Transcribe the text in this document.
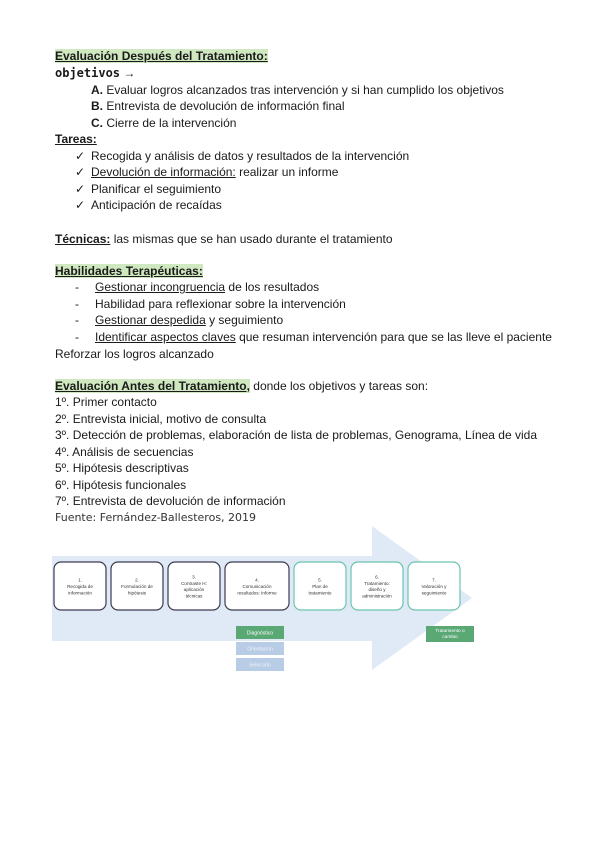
Evaluación Después del Tratamiento:
objetivos →
A. Evaluar logros alcanzados tras intervención y si han cumplido los objetivos
B. Entrevista de devolución de información final
C. Cierre de la intervención
Tareas:
✓ Recogida y análisis de datos y resultados de la intervención
✓ Devolución de información: realizar un informe
✓ Planificar el seguimiento
✓ Anticipación de recaídas
Técnicas: las mismas que se han usado durante el tratamiento
Habilidades Terapéuticas:
- Gestionar incongruencia de los resultados
- Habilidad para reflexionar sobre la intervención
- Gestionar despedida y seguimiento
- Identificar aspectos claves que resuman intervención para que se las lleve el paciente
Reforzar los logros alcanzado
Evaluación Antes del Tratamiento, donde los objetivos y tareas son:
1º. Primer contacto
2º. Entrevista inicial, motivo de consulta
3º. Detección de problemas, elaboración de lista de problemas, Genograma, Línea de vida
4º. Análisis de secuencias
5º. Hipótesis descriptivas
6º. Hipótesis funcionales
7º. Entrevista de devolución de información
Fuente: Fernández-Ballesteros, 2019
1.
Recogida de
información
2.
Formulación de
hipótesis
3.
Contraste H:
aplicación
técnicas
4.
Comunicación
resultados: Informe
5.
Plan de
tratamiento
6.
Tratamiento:
diseño y
administración
7.
Valoración y
seguimiento
Diagnóstico
Orientación
Selección
Tratamiento o
cambio
